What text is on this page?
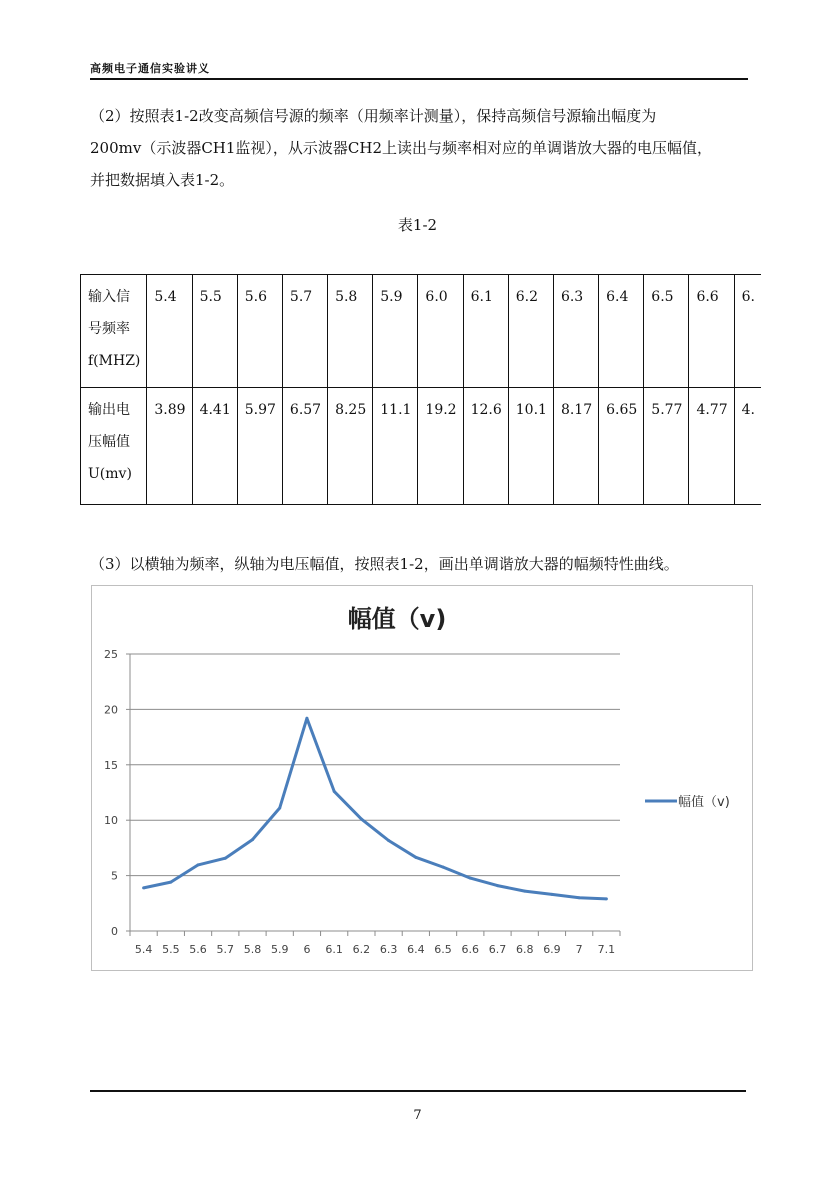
高频电子通信实验讲义
（2）按照表1-2改变高频信号源的频率（用频率计测量），保持高频信号源输出幅度为
200mv（示波器CH1监视），从示波器CH2上读出与频率相对应的单调谐放大器的电压幅值，
并把数据填入表1-2。
表1-2
输入信
号频率
f(MHZ)	5.4	5.5	5.6	5.7	5.8	5.9	6.0	6.1	6.2	6.3	6.4	6.5	6.6	6.

输出电
压幅值
U(mv)	3.89	4.41	5.97	6.57	8.25	11.1	19.2	12.6	10.1	8.17	6.65	5.77	4.77	4.
（3）以横轴为频率，纵轴为电压幅值，按照表1-2，画出单调谐放大器的幅频特性曲线。
幅值（v)
0
5
10
15
20
25
5.4 5.5 5.6 5.7 5.8 5.9 6 6.1 6.2 6.3 6.4 6.5 6.6 6.7 6.8 6.9 7 7.1
幅值（v)
7
